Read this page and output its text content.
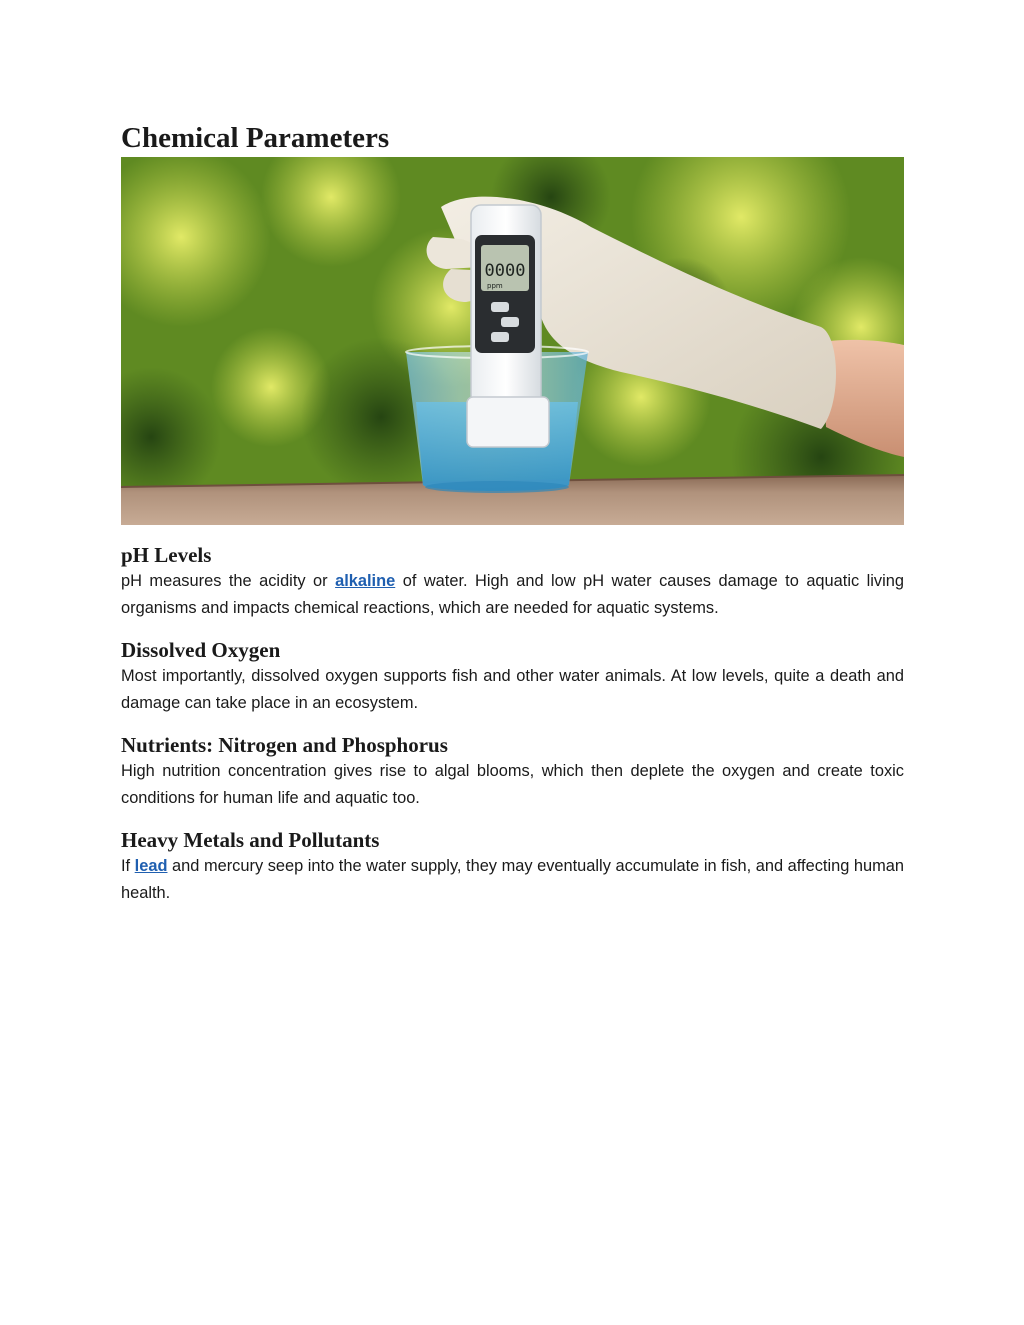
Chemical Parameters
0000
ppm
pH Levels

pH measures the acidity or alkaline of water. High and low pH water causes damage to aquatic living organisms and impacts chemical reactions, which are needed for aquatic systems.

Dissolved Oxygen

Most importantly, dissolved oxygen supports fish and other water animals. At low levels, quite a death and damage can take place in an ecosystem.

Nutrients: Nitrogen and Phosphorus

High nutrition concentration gives rise to algal blooms, which then deplete the oxygen and create toxic conditions for human life and aquatic too.

Heavy Metals and Pollutants

If lead and mercury seep into the water supply, they may eventually accumulate in fish, and affecting human health.
